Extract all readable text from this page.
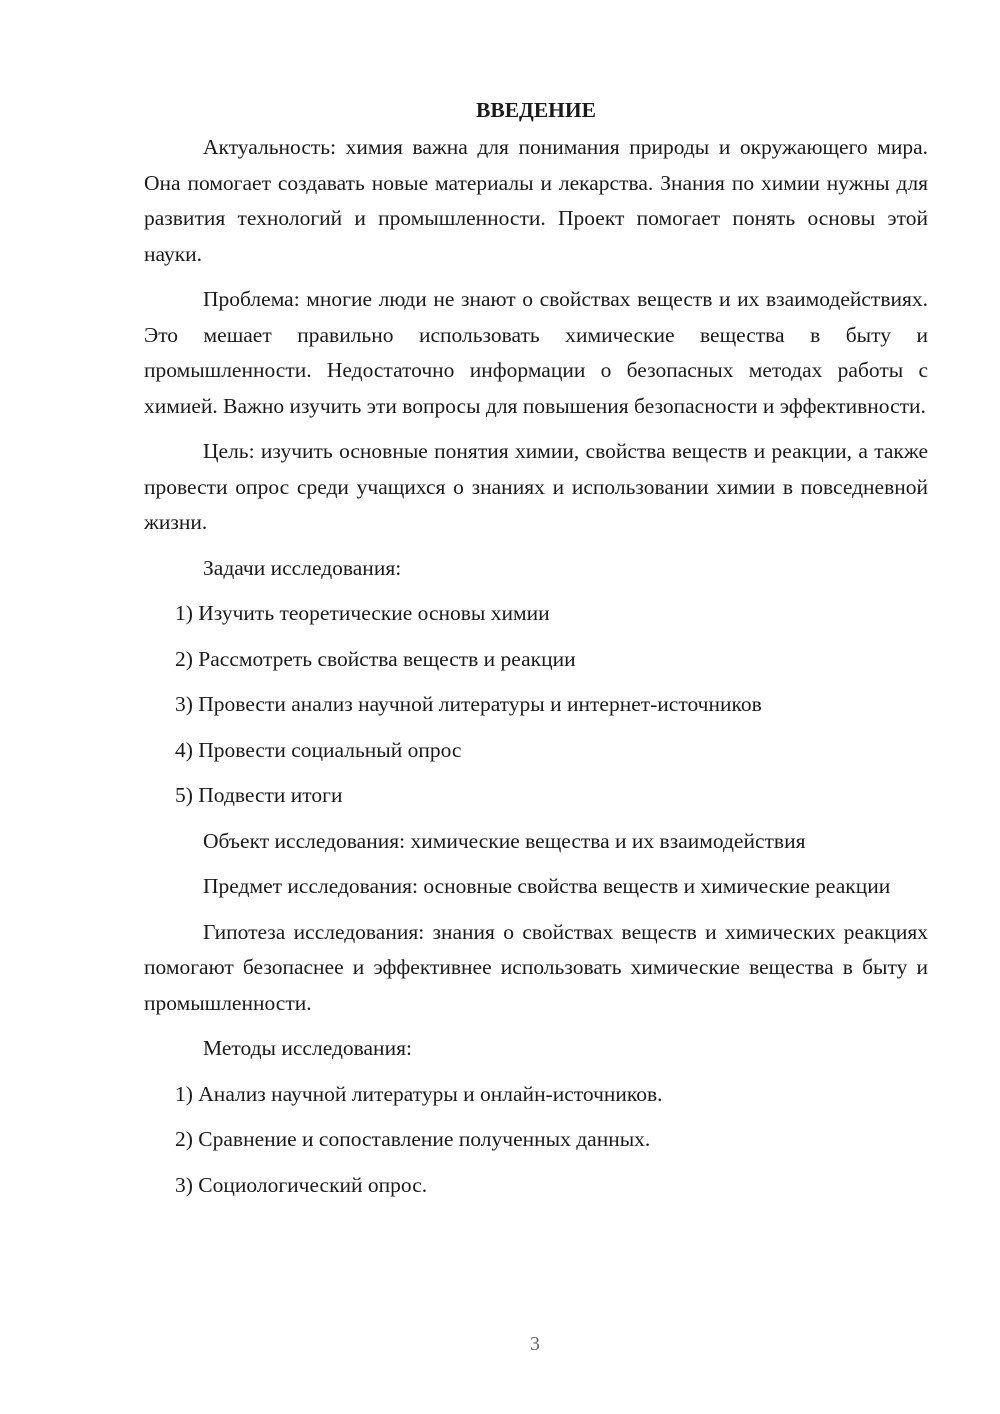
ВВЕДЕНИЕ

Актуальность: химия важна для понимания природы и окружающего мира. Она помогает создавать новые материалы и лекарства. Знания по химии нужны для развития технологий и промышленности. Проект помогает понять основы этой науки.

Проблема: многие люди не знают о свойствах веществ и их взаимодействиях. Это мешает правильно использовать химические вещества в быту и промышленности. Недостаточно информации о безопасных методах работы с химией. Важно изучить эти вопросы для повышения безопасности и эффективности.

Цель: изучить основные понятия химии, свойства веществ и реакции, а также провести опрос среди учащихся о знаниях и использовании химии в повседневной жизни.

Задачи исследования:

1) Изучить теоретические основы химии

2) Рассмотреть свойства веществ и реакции

3) Провести анализ научной литературы и интернет-источников

4) Провести социальный опрос

5) Подвести итоги

Объект исследования: химические вещества и их взаимодействия

Предмет исследования: основные свойства веществ и химические реакции

Гипотеза исследования: знания о свойствах веществ и химических реакциях помогают безопаснее и эффективнее использовать химические вещества в быту и промышленности.

Методы исследования:

1) Анализ научной литературы и онлайн-источников.

2) Сравнение и сопоставление полученных данных.

3) Социологический опрос.

3
